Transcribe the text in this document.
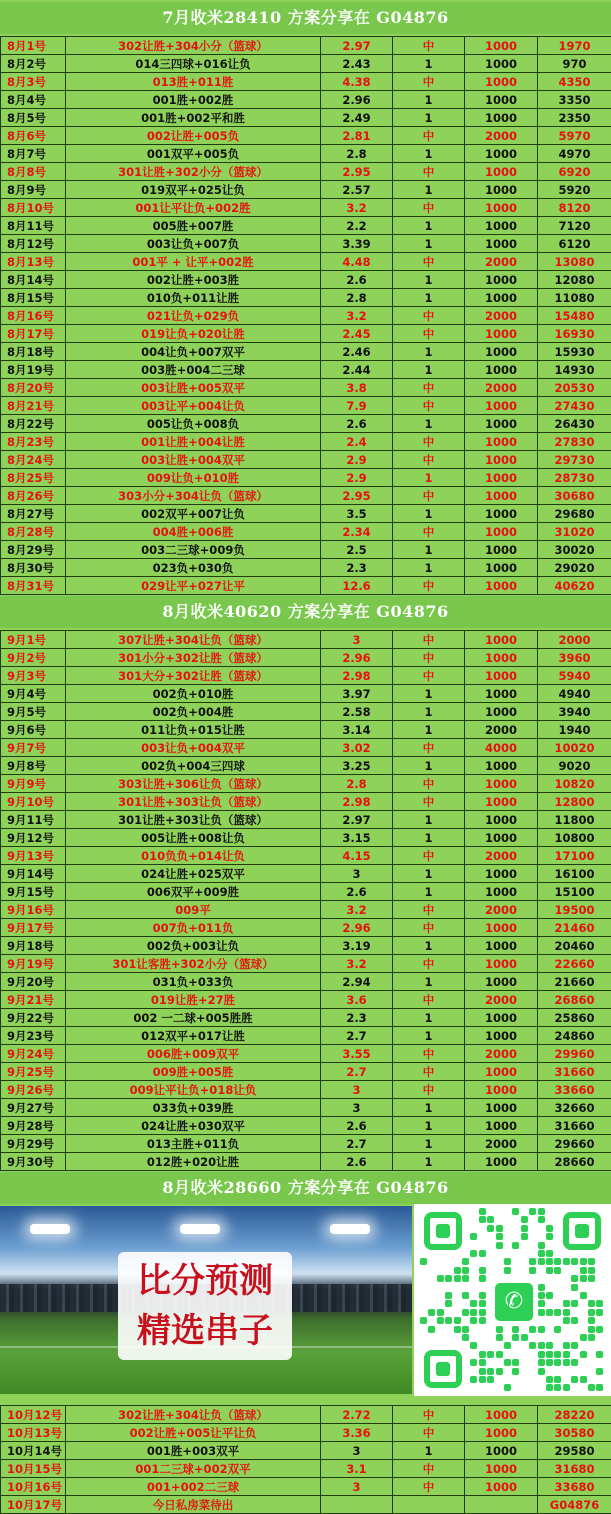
7月收米28410 方案分享在 G04876
8月1号	302让胜+304小分（篮球）	2.97	中	1000	1970
8月2号	014三四球+016让负	2.43	1	1000	970
8月3号	013胜+011胜	4.38	中	1000	4350
8月4号	001胜+002胜	2.96	1	1000	3350
8月5号	001胜+002平和胜	2.49	1	1000	2350
8月6号	002让胜+005负	2.81	中	2000	5970
8月7号	001双平+005负	2.8	1	1000	4970
8月8号	301让胜+302小分（篮球）	2.95	中	1000	6920
8月9号	019双平+025让负	2.57	1	1000	5920
8月10号	001让平让负+002胜	3.2	中	1000	8120
8月11号	005胜+007胜	2.2	1	1000	7120
8月12号	003让负+007负	3.39	1	1000	6120
8月13号	001平 + 让平+002胜	4.48	中	2000	13080
8月14号	002让胜+003胜	2.6	1	1000	12080
8月15号	010负+011让胜	2.8	1	1000	11080
8月16号	021让负+029负	3.2	中	2000	15480
8月17号	019让负+020让胜	2.45	中	1000	16930
8月18号	004让负+007双平	2.46	1	1000	15930
8月19号	003胜+004二三球	2.44	1	1000	14930
8月20号	003让胜+005双平	3.8	中	2000	20530
8月21号	003让平+004让负	7.9	中	1000	27430
8月22号	005让负+008负	2.6	1	1000	26430
8月23号	001让胜+004让胜	2.4	中	1000	27830
8月24号	003让胜+004双平	2.9	中	1000	29730
8月25号	009让负+010胜	2.9	1	1000	28730
8月26号	303小分+304让负（篮球）	2.95	中	1000	30680
8月27号	002双平+007让负	3.5	1	1000	29680
8月28号	004胜+006胜	2.34	中	1000	31020
8月29号	003二三球+009负	2.5	1	1000	30020
8月30号	023负+030负	2.3	1	1000	29020
8月31号	029让平+027让平	12.6	中	1000	40620
8月收米40620 方案分享在 G04876
9月1号	307让胜+304让负（篮球）	3	中	1000	2000
9月2号	301小分+302让胜（篮球）	2.96	中	1000	3960
9月3号	301大分+302让胜（篮球）	2.98	中	1000	5940
9月4号	002负+010胜	3.97	1	1000	4940
9月5号	002负+004胜	2.58	1	1000	3940
9月6号	011让负+015让胜	3.14	1	2000	1940
9月7号	003让负+004双平	3.02	中	4000	10020
9月8号	002负+004三四球	3.25	1	1000	9020
9月9号	303让胜+306让负（篮球）	2.8	中	1000	10820
9月10号	301让胜+303让负（篮球）	2.98	中	1000	12800
9月11号	301让胜+303让负（篮球）	2.97	1	1000	11800
9月12号	005让胜+008让负	3.15	1	1000	10800
9月13号	010负负+014让负	4.15	中	2000	17100
9月14号	024让胜+025双平	3	1	1000	16100
9月15号	006双平+009胜	2.6	1	1000	15100
9月16号	009平	3.2	中	2000	19500
9月17号	007负+011负	2.96	中	1000	21460
9月18号	002负+003让负	3.19	1	1000	20460
9月19号	301让客胜+302小分（篮球）	3.2	中	1000	22660
9月20号	031负+033负	2.94	1	1000	21660
9月21号	019让胜+27胜	3.6	中	2000	26860
9月22号	002 一二球+005胜胜	2.3	1	1000	25860
9月23号	012双平+017让胜	2.7	1	1000	24860
9月24号	006胜+009双平	3.55	中	2000	29960
9月25号	009胜+005胜	2.7	中	1000	31660
9月26号	009让平让负+018让负	3	中	1000	33660
9月27号	033负+039胜	3	1	1000	32660
9月28号	024让胜+030双平	2.6	1	1000	31660
9月29号	013主胜+011负	2.7	1	2000	29660
9月30号	012胜+020让胜	2.6	1	1000	28660
8月收米28660 方案分享在 G04876
比分预测
精选串子
✆
10月12号	302让胜+304让负（篮球）	2.72	中	1000	28220
10月13号	002让胜+005让平让负	3.36	中	1000	30580
10月14号	001胜+003双平	3	1	1000	29580
10月15号	001二三球+002双平	3.1	中	1000	31680
10月16号	001+002二三球	3	中	1000	33680
10月17号	今日私房菜待出				G04876
